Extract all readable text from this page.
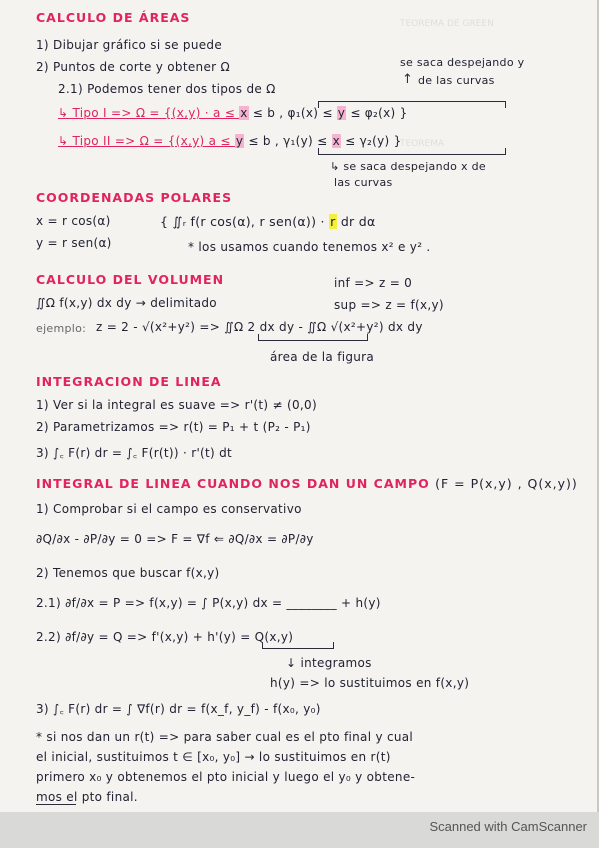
TEOREMA DE GREEN

TEOREMA
CALCULO DE ÁREAS
1) Dibujar gráfico si se puede
2) Puntos de corte y obtener Ω	se saca despejando y
↑ de las curvas
2.1) Podemos tener dos tipos de Ω
↳ Tipo I => Ω = {(x,y) · a ≤ x ≤ b , φ₁(x) ≤ y ≤ φ₂(x) }
↳ Tipo II => Ω = {(x,y) a ≤ y ≤ b , γ₁(y) ≤ x ≤ γ₂(y) }
↳ se saca despejando x de
las curvas
COORDENADAS POLARES
x = r cos(α)
y = r sen(α)
{ ∬ᵣ f(r cos(α), r sen(α)) · r dr dα
* los usamos cuando tenemos x² e y² .
CALCULO DEL VOLUMEN
∬Ω f(x,y) dx dy → delimitado
inf => z = 0
sup => z = f(x,y)
ejemplo: z = 2 - √(x²+y²) => ∬Ω 2 dx dy - ∬Ω √(x²+y²) dx dy
área de la figura
INTEGRACION DE LINEA
1) Ver si la integral es suave => r'(t) ≠ (0,0)
2) Parametrizamos => r(t) = P₁ + t (P₂ - P₁)
3) ∫꜀ F(r) dr = ∫꜀ F(r(t)) · r'(t) dt
INTEGRAL DE LINEA CUANDO NOS DAN UN CAMPO (F = P(x,y) , Q(x,y))
1) Comprobar si el campo es conservativo
∂Q/∂x - ∂P/∂y = 0 => F = ∇f ⇐ ∂Q/∂x = ∂P/∂y
2) Tenemos que buscar f(x,y)
2.1) ∂f/∂x = P => f(x,y) = ∫ P(x,y) dx = ________ + h(y)
2.2) ∂f/∂y = Q => f'(x,y) + h'(y) = Q(x,y)
↓ integramos
h(y) => lo sustituimos en f(x,y)
3) ∫꜀ F(r) dr = ∫ ∇f(r) dr = f(x_f, y_f) - f(x₀, y₀)
* si nos dan un r(t) => para saber cual es el pto final y cual
el inicial, sustituimos t ∈ [x₀, y₀] → lo sustituimos en r(t)
primero x₀ y obtenemos el pto inicial y luego el y₀ y obtene-
mos el pto final.
Scanned with CamScanner
